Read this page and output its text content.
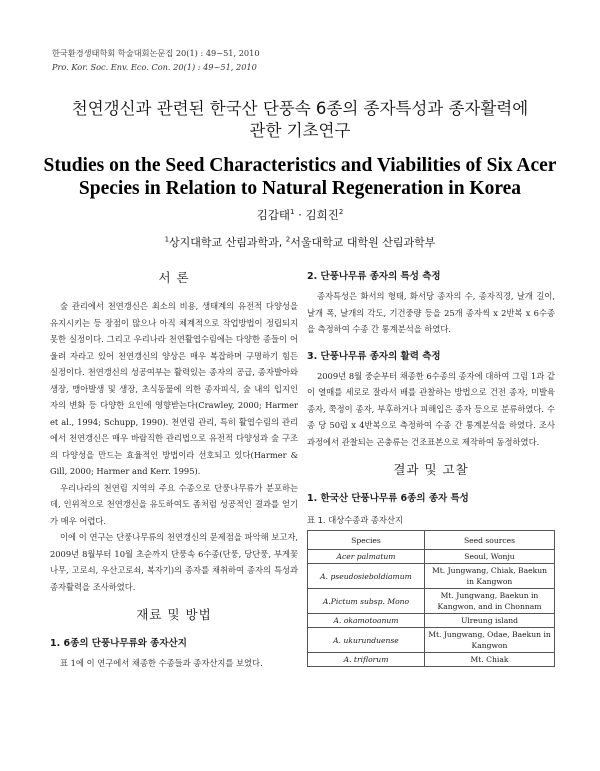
한국환경생태학회 학술대회논문집 20(1) : 49~51, 2010
Pro. Kor. Soc. Env. Eco. Con. 20(1) : 49~51, 2010
천연갱신과 관련된 한국산 단풍속 6종의 종자특성과 종자활력에
관한 기초연구
Studies on the Seed Characteristics and Viabilities of Six Acer
Species in Relation to Natural Regeneration in Korea
김갑태$^1$ · 김희진$^2$
$^1$상지대학교 산림과학과, $^2$서울대학교 대학원 산림과학부
서 론

숲 관리에서 천연갱신은 최소의 비용, 생태계의 유전적 다양성을 유지시키는 등 장점이 많으나 아직 체계적으로 작업방법이 정립되지 못한 실정이다. 그리고 우리나라 천연활엽수림에는 다양한 종들이 어울려 자라고 있어 천연갱신의 양상은 매우 복잡하며 구명하기 힘든 실정이다. 천연갱신의 성공여부는 활력있는 종자의 공급, 종자발아와 생장, 맹아발생 및 생장, 초식동물에 의한 종자피식, 숲 내의 입지인자의 변화 등 다양한 요인에 영향받는다(Crawley, 2000; Harmer et al., 1994; Schupp, 1990). 천연림 관리, 특히 활엽수림의 관리에서 천연갱신은 매우 바람직한 관리법으로 유전적 다양성과 숲 구조의 다양성을 만드는 효율적인 방법이라 선호되고 있다(Harmer & Gill, 2000; Harmer and Kerr. 1995).

우리나라의 천연림 지역의 주요 수종으로 단풍나무류가 분포하는데, 인위적으로 천연갱신을 유도하여도 좀처럼 성공적인 결과를 얻기가 매우 어렵다.

이에 이 연구는 단풍나무류의 천연갱신의 문제점을 파악해 보고자, 2009년 8월부터 10월 초순까지 단풍속 6수종(단풍, 당단풍, 부게꽃나무, 고로쇠, 우산고로쇠, 복자기)의 종자를 채취하여 종자의 특성과 종자활력을 조사하였다.

재료 및 방법
1. 6종의 단풍나무류와 종자산지

표 1에 이 연구에서 채종한 수종들과 종자산지를 보였다.

2. 단풍나무류 종자의 특성 측정

종자특성은 화서의 형태, 화서당 종자의 수, 종자직경, 날개 길이, 날개 폭, 날개의 각도, 기건중량 등을 25개 종자씩 x 2반복 x 6수종을 측정하여 수종 간 통계분석을 하였다.

3. 단풍나무류 종자의 활력 측정

2009년 8월 중순부터 채종한 6수종의 종자에 대하여 그림 1과 같이 열매를 세로로 잘라서 배를 관찰하는 방법으로 건전 종자, 미발육 종자, 쭉정이 종자, 부후하거나 피해입은 종자 등으로 분류하였다. 수종 당 50립 x 4반복으로 측정하여 수종 간 통계분석을 하였다. 조사과정에서 관찰되는 곤충류는 건조표본으로 제작하여 동정하였다.

결과 및 고찰
1. 한국산 단풍나무류 6종의 종자 특성
표 1. 대상수종과 종자산지
Species	Seed sources
Acer palmatum	Seoul, Wonju
A. pseudosieboldiamum	Mt. Jungwang, Chiak, Baekun in Kangwon
A.Pictum subsp. Mono	Mt. Jungwang, Baekun in Kangwon, and in Chonnam
A. okamotoanum	Ulreung island
A. ukurunduense	Mt. Jungwang, Odae, Baekun in Kangwon
A. triflorum	Mt. Chiak
